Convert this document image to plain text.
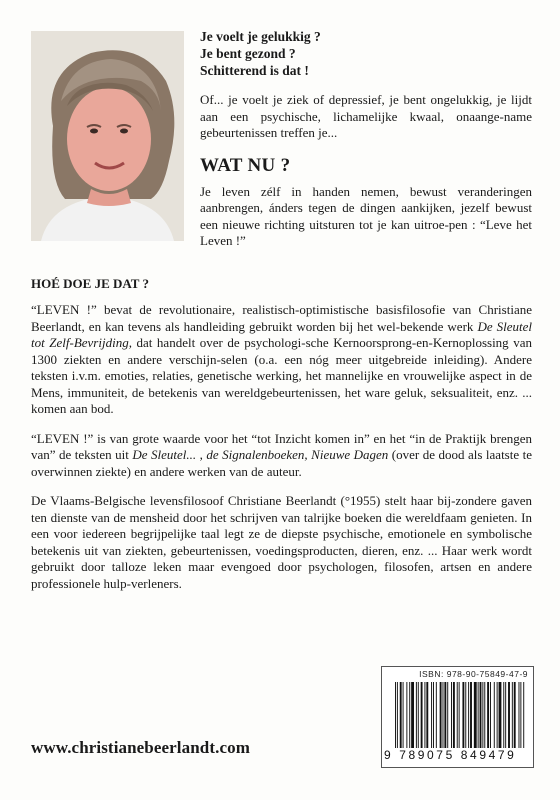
Je voelt je gelukkig ?
Je bent gezond ?
Schitterend is dat !

Of... je voelt je ziek of depressief, je bent ongelukkig, je lijdt aan een psychische, lichamelijke kwaal, onaange-name gebeurtenissen treffen je...

WAT NU ?

Je leven zélf in handen nemen, bewust veranderingen aanbrengen, ánders tegen de dingen aankijken, jezelf bewust een nieuwe richting uitsturen tot je kan uitroe-pen : “Leve het Leven !”

HOÉ DOE JE DAT ?

“LEVEN !” bevat de revolutionaire, realistisch-optimistische basisfilosofie van Christiane Beerlandt, en kan tevens als handleiding gebruikt worden bij het wel-bekende werk De Sleutel tot Zelf-Bevrijding, dat handelt over de psychologi-sche Kernoorsprong-en-Kernoplossing van 1300 ziekten en andere verschijn-selen (o.a. een nóg meer uitgebreide inleiding). Andere teksten i.v.m. emoties, relaties, genetische werking, het mannelijke en vrouwelijke aspect in de Mens, immuniteit, de betekenis van wereldgebeurtenissen, het ware geluk, seksualiteit, enz. ... komen aan bod.

“LEVEN !” is van grote waarde voor het “tot Inzicht komen in” en het “in de Praktijk brengen van” de teksten uit De Sleutel... , de Signalenboeken, Nieuwe Dagen (over de dood als laatste te overwinnen ziekte) en andere werken van de auteur.

De Vlaams-Belgische levensfilosoof Christiane Beerlandt (°1955) stelt haar bij-zondere gaven ten dienste van de mensheid door het schrijven van talrijke boeken die wereldfaam genieten. In een voor iedereen begrijpelijke taal legt ze de diepste psychische, emotionele en symbolische betekenis uit van ziekten, gebeurtenissen, voedingsproducten, dieren, enz. ... Haar werk wordt gebruikt door talloze leken maar evengoed door psychologen, filosofen, artsen en andere professionele hulp-verleners.

ISBN: 978-90-75849-47-9
9 789075 849479
www.christianebeerlandt.com
